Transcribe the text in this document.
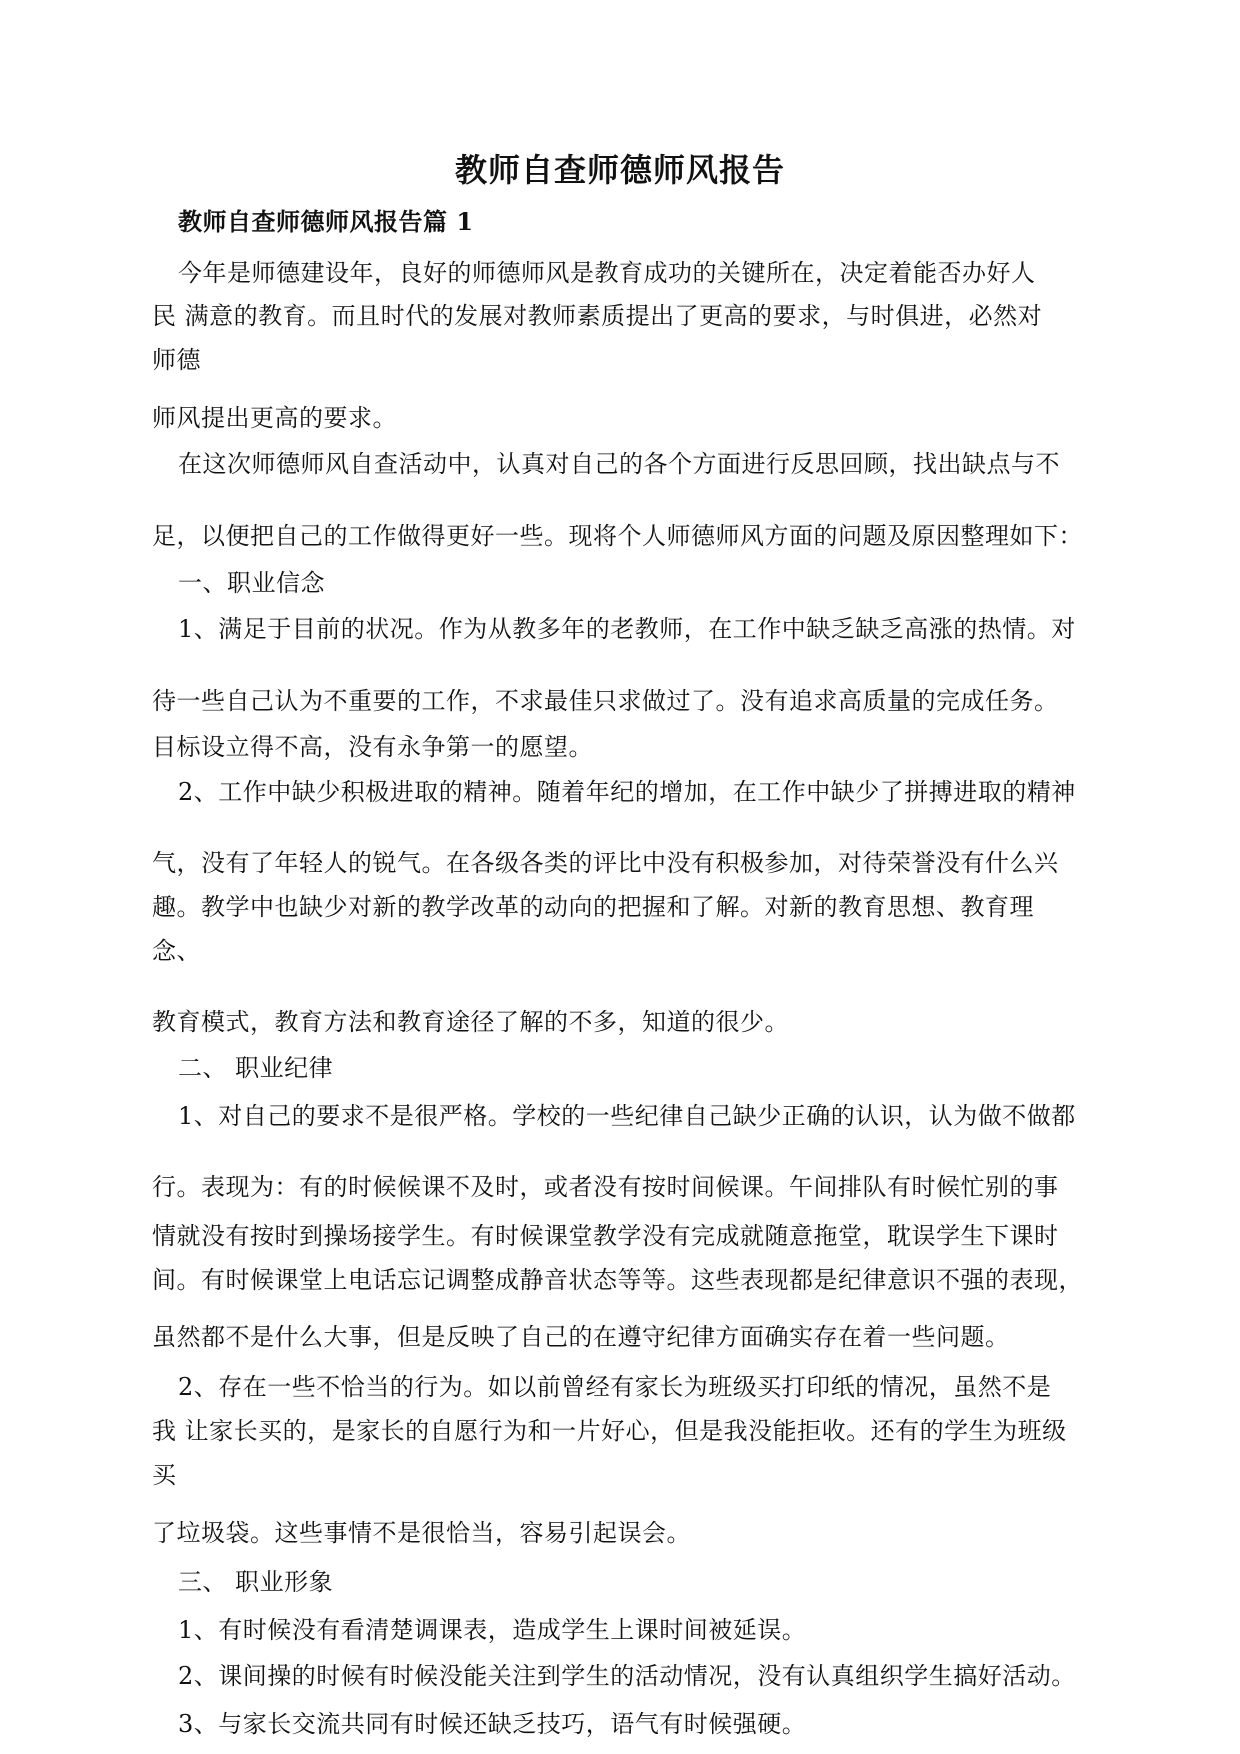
教师自查师德师风报告
教师自查师德师风报告篇 1
今年是师德建设年，良好的师德师风是教育成功的关键所在，决定着能否办好人
民 满意的教育。而且时代的发展对教师素质提出了更高的要求，与时俱进，必然对
师德
师风提出更高的要求。
在这次师德师风自查活动中，认真对自己的各个方面进行反思回顾，找出缺点与不
足，以便把自己的工作做得更好一些。现将个人师德师风方面的问题及原因整理如下：
一、职业信念
1、满足于目前的状况。作为从教多年的老教师，在工作中缺乏缺乏高涨的热情。对
待一些自己认为不重要的工作，不求最佳只求做过了。没有追求高质量的完成任务。
目标设立得不高，没有永争第一的愿望。
2、工作中缺少积极进取的精神。随着年纪的增加，在工作中缺少了拼搏进取的精神
气，没有了年轻人的锐气。在各级各类的评比中没有积极参加，对待荣誉没有什么兴
趣。教学中也缺少对新的教学改革的动向的把握和了解。对新的教育思想、教育理
念、
教育模式，教育方法和教育途径了解的不多，知道的很少。
二、 职业纪律
1、对自己的要求不是很严格。学校的一些纪律自己缺少正确的认识，认为做不做都
行。表现为：有的时候候课不及时，或者没有按时间候课。午间排队有时候忙别的事
情就没有按时到操场接学生。有时候课堂教学没有完成就随意拖堂，耽误学生下课时
间。有时候课堂上电话忘记调整成静音状态等等。这些表现都是纪律意识不强的表现，
虽然都不是什么大事，但是反映了自己的在遵守纪律方面确实存在着一些问题。
2、存在一些不恰当的行为。如以前曾经有家长为班级买打印纸的情况，虽然不是
我 让家长买的，是家长的自愿行为和一片好心，但是我没能拒收。还有的学生为班级
买
了垃圾袋。这些事情不是很恰当，容易引起误会。
三、 职业形象
1、有时候没有看清楚调课表，造成学生上课时间被延误。
2、课间操的时候有时候没能关注到学生的活动情况，没有认真组织学生搞好活动。
3、与家长交流共同有时候还缺乏技巧，语气有时候强硬。
